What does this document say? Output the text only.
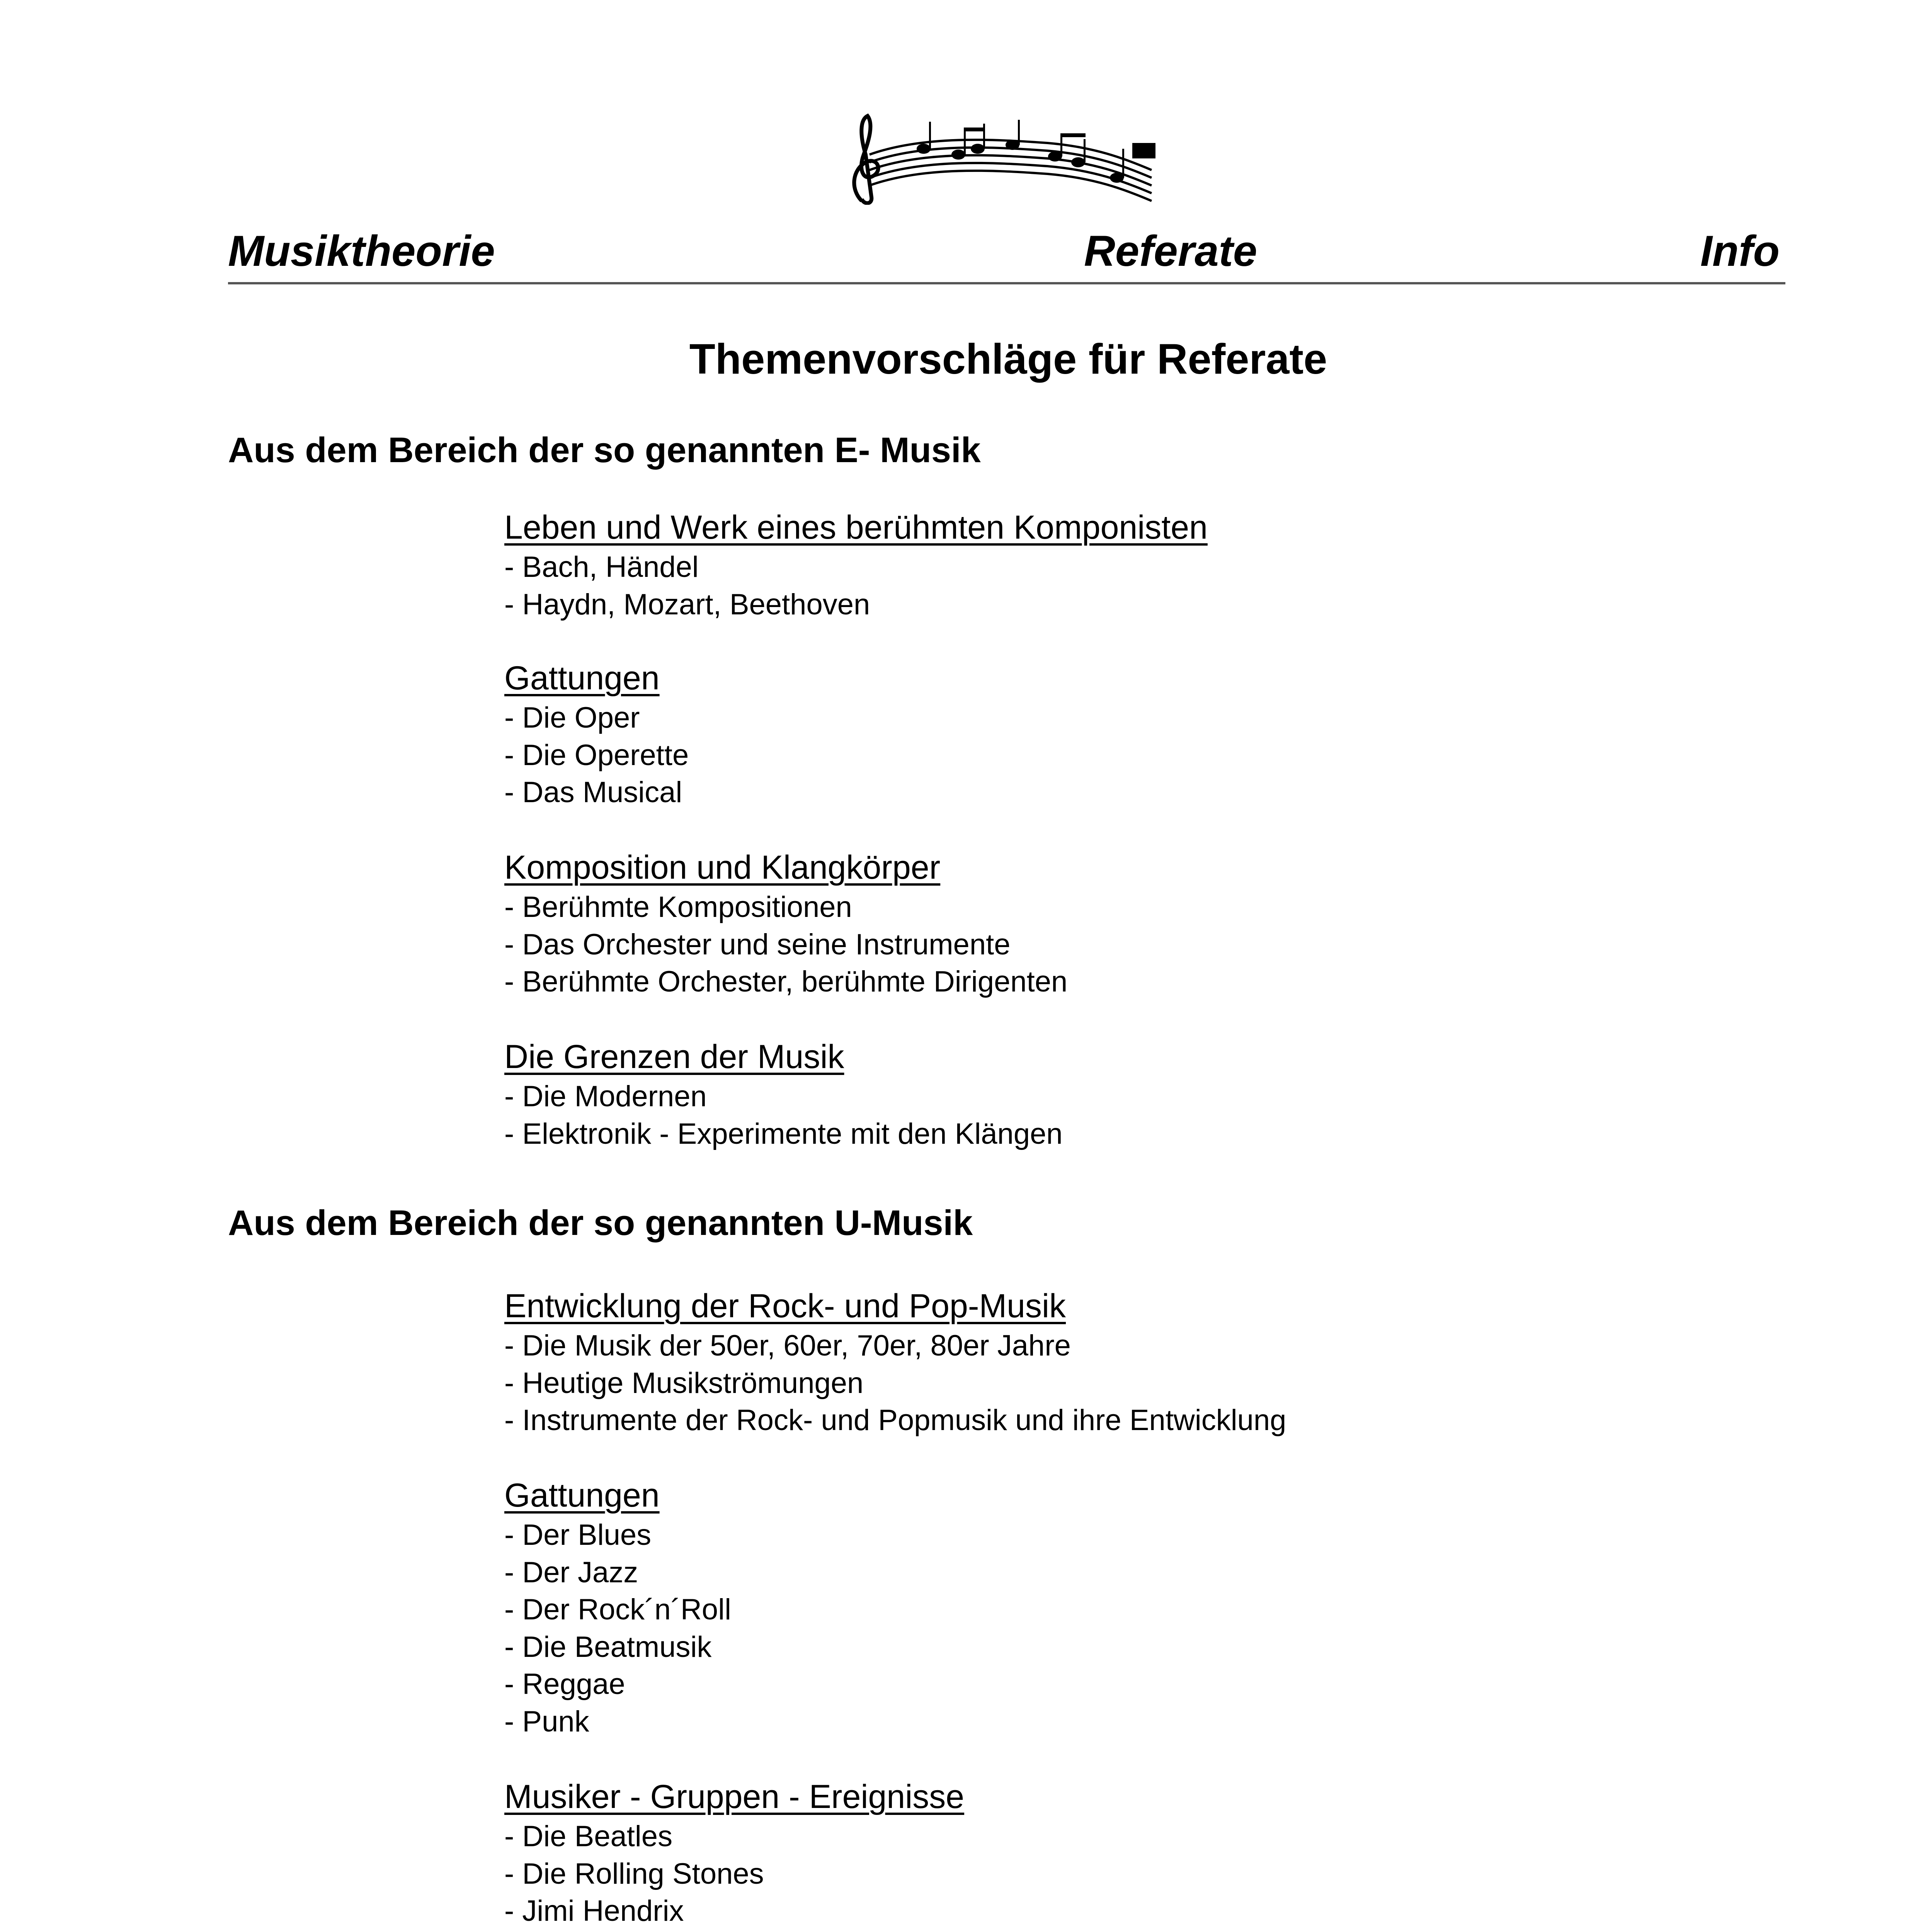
Musiktheorie	Referate	Info
Themenvorschläge für Referate
Aus dem Bereich der so genannten E- Musik
Leben und Werk eines berühmten Komponisten
- Bach, Händel
- Haydn, Mozart, Beethoven
Gattungen
- Die Oper
- Die Operette
- Das Musical
Komposition und Klangkörper
- Berühmte Kompositionen
- Das Orchester und seine Instrumente
- Berühmte Orchester, berühmte Dirigenten
Die Grenzen der Musik
- Die Modernen
- Elektronik - Experimente mit den Klängen
Aus dem Bereich der so genannten U-Musik
Entwicklung der Rock- und Pop-Musik
- Die Musik der 50er, 60er, 70er, 80er Jahre
- Heutige Musikströmungen
- Instrumente der Rock- und Popmusik und ihre Entwicklung
Gattungen
- Der Blues
- Der Jazz
- Der Rock´n´Roll
- Die Beatmusik
- Reggae
- Punk
Musiker - Gruppen - Ereignisse
- Die Beatles
- Die Rolling Stones
- Jimi Hendrix
